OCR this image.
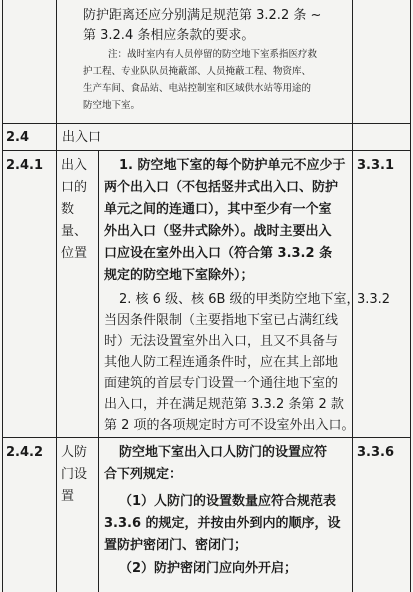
防护距离还应分别满足规范第 3.2.2 条 ~
第 3.2.4 条相应条款的要求。
注：战时室内有人员停留的防空地下室系指医疗救
护工程、专业队队员掩蔽部、人员掩蔽工程、物资库、
生产车间、食品站、电站控制室和区域供水站等用途的
防空地下室。
2.4	出入口
2.4.1 出入
口的
数
量、
位置
1. 防空地下室的每个防护单元不应少于
两个出入口（不包括竖井式出入口、防护
单元之间的连通口），其中至少有一个室
外出入口（竖井式除外）。战时主要出入
口应设在室外出入口（符合第 3.3.2 条
规定的防空地下室除外）；
3.3.1
2. 核 6 级、核 6B 级的甲类防空地下室，
当因条件限制（主要指地下室已占满红线
时）无法设置室外出入口，且又不具备与
其他人防工程连通条件时，应在其上部地
面建筑的首层专门设置一个通往地下室的
出入口，并在满足规范第 3.3.2 条第 2 款
第 2 项的各项规定时方可不设室外出入口。
3.3.2
2.4.2 人防
门设
置
防空地下室出入口人防门的设置应符
合下列规定：
3.3.6
（1）人防门的设置数量应符合规范表
3.3.6 的规定，并按由外到内的顺序，设
置防护密闭门、密闭门；
（2）防护密闭门应向外开启；
